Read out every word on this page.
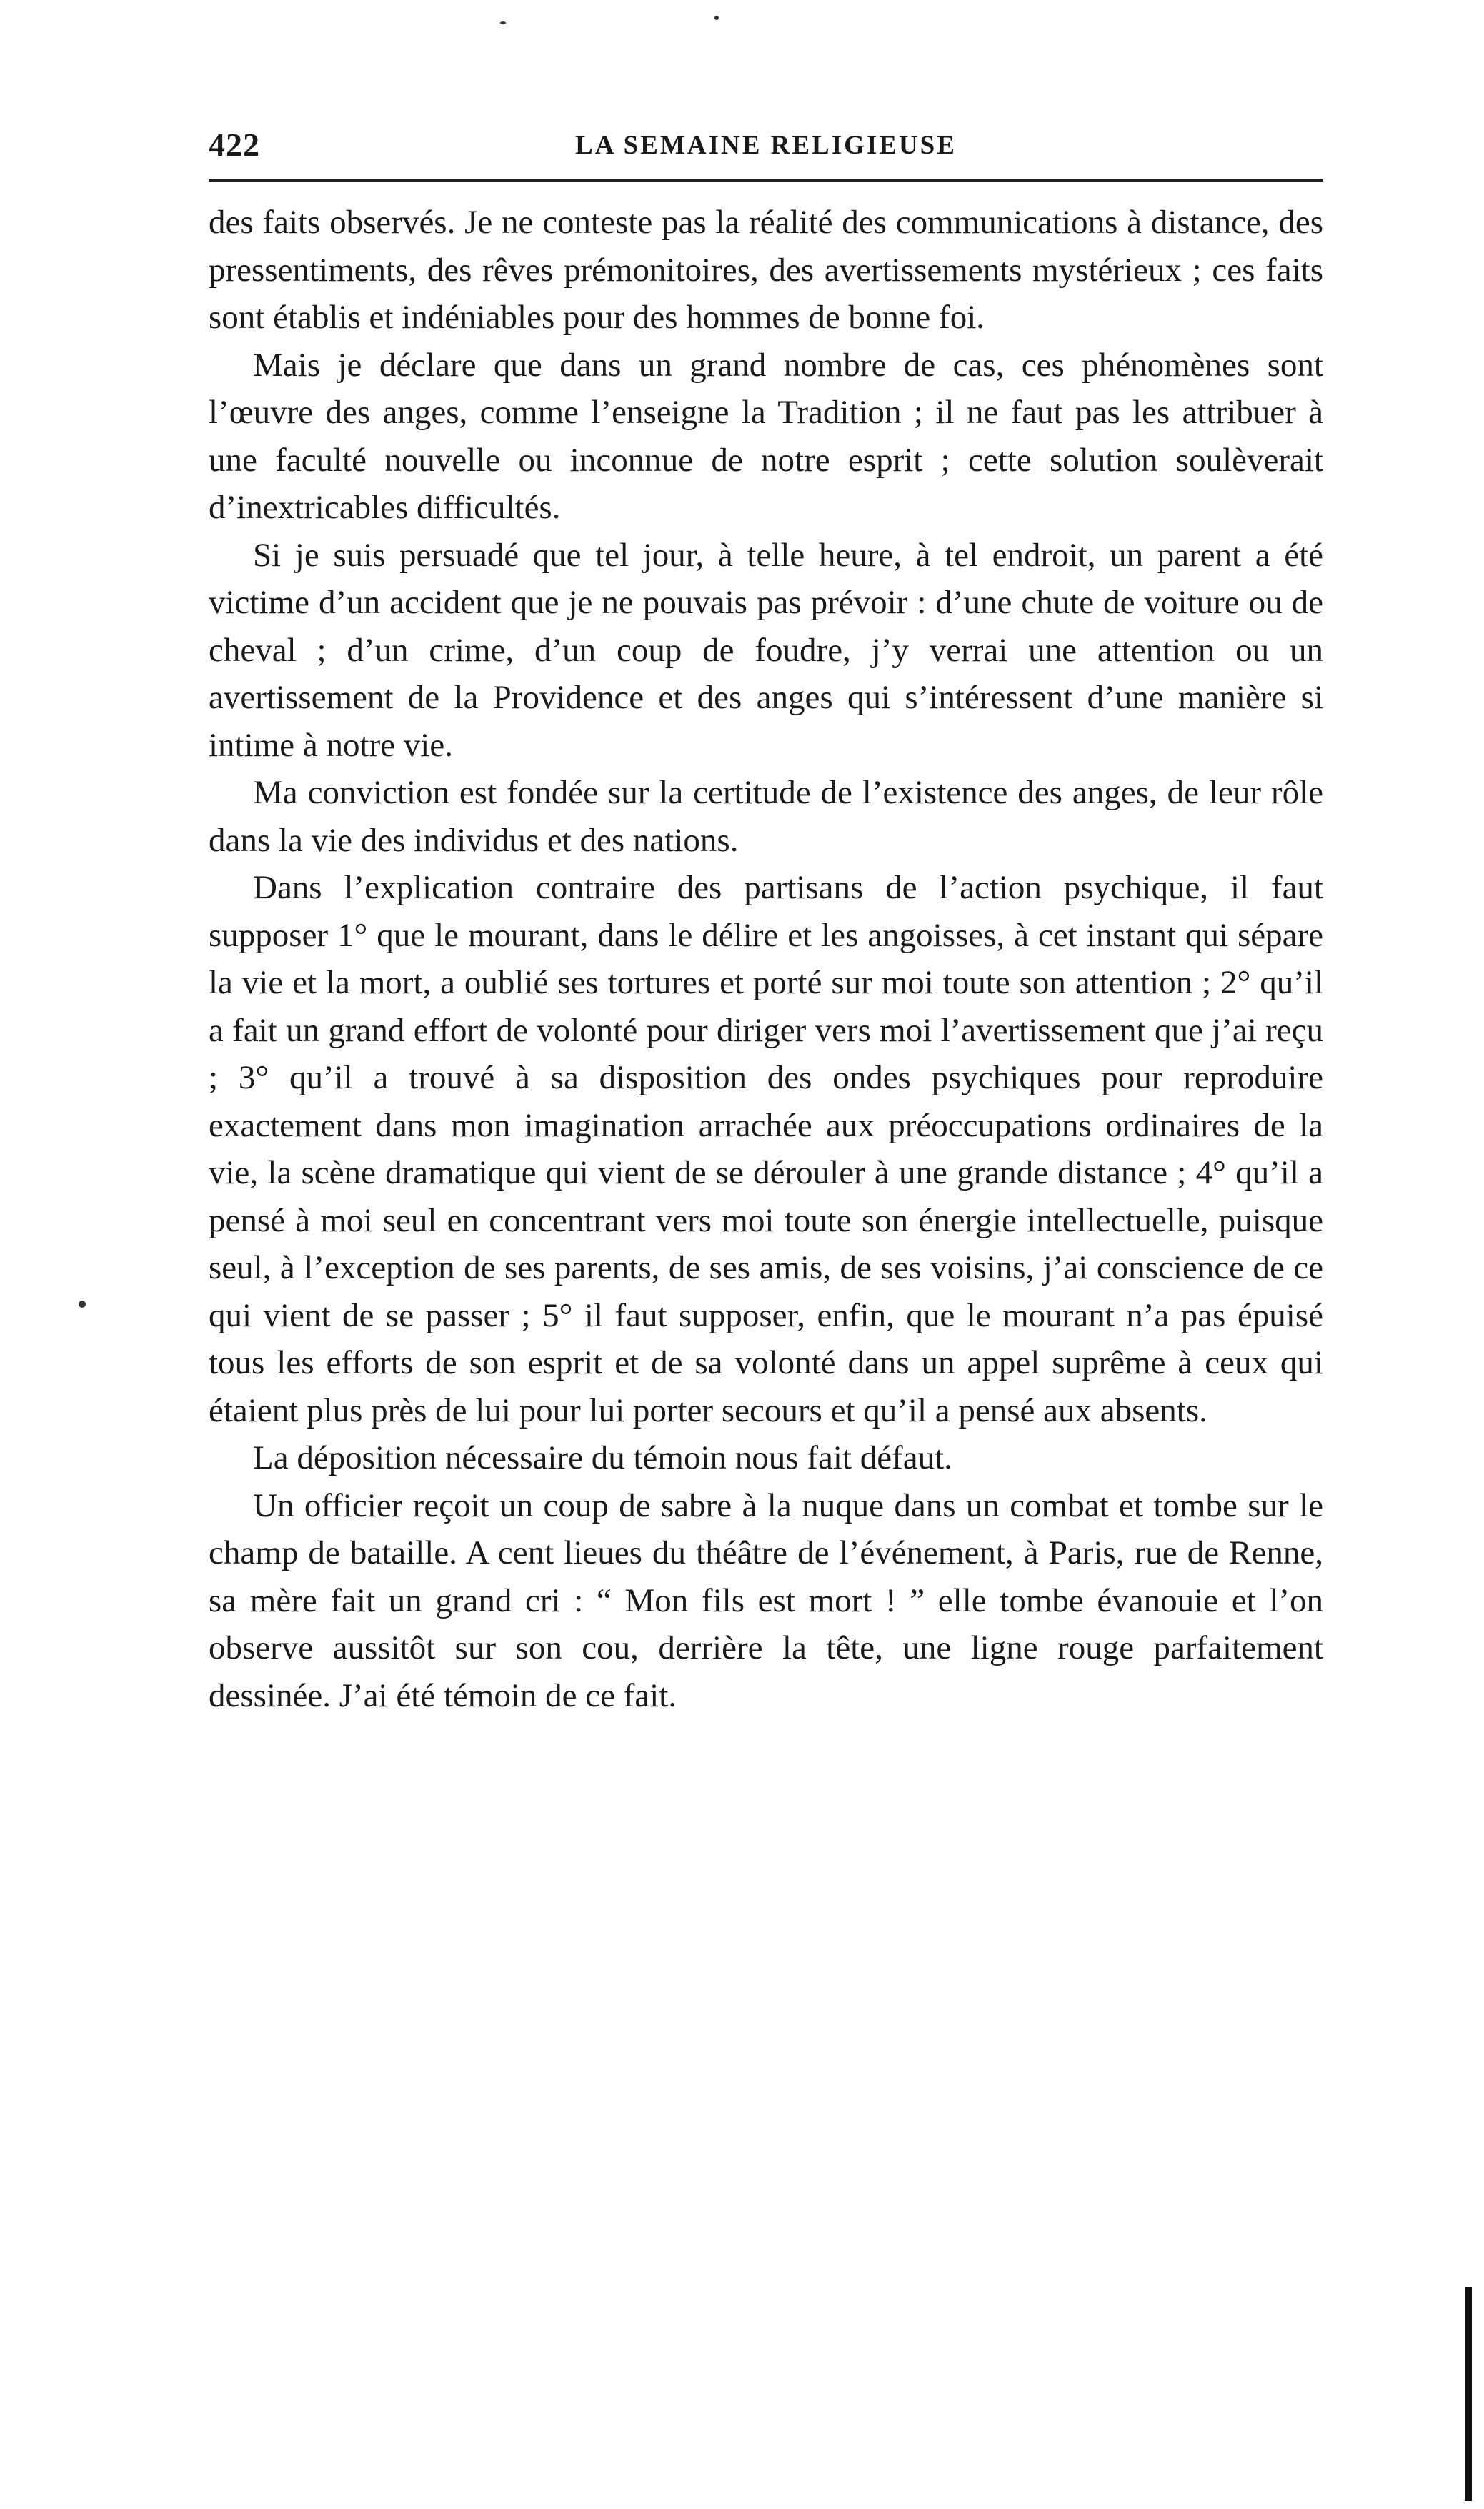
422	LA SEMAINE RELIGIEUSE

des faits observés. Je ne conteste pas la réalité des communications à distance, des pressentiments, des rêves prémonitoires, des avertissements mystérieux ; ces faits sont établis et indéniables pour des hommes de bonne foi.

Mais je déclare que dans un grand nombre de cas, ces phénomènes sont l’œuvre des anges, comme l’enseigne la Tradition ; il ne faut pas les attribuer à une faculté nouvelle ou inconnue de notre esprit ; cette solution soulèverait d’inextricables difficultés.

Si je suis persuadé que tel jour, à telle heure, à tel endroit, un parent a été victime d’un accident que je ne pouvais pas prévoir : d’une chute de voiture ou de cheval ; d’un crime, d’un coup de foudre, j’y verrai une attention ou un avertissement de la Providence et des anges qui s’intéressent d’une manière si intime à notre vie.

Ma conviction est fondée sur la certitude de l’existence des anges, de leur rôle dans la vie des individus et des nations.

Dans l’explication contraire des partisans de l’action psychique, il faut supposer 1° que le mourant, dans le délire et les angoisses, à cet instant qui sépare la vie et la mort, a oublié ses tortures et porté sur moi toute son attention ; 2° qu’il a fait un grand effort de volonté pour diriger vers moi l’avertissement que j’ai reçu ; 3° qu’il a trouvé à sa disposition des ondes psychiques pour reproduire exactement dans mon imagination arrachée aux préoccupations ordinaires de la vie, la scène dramatique qui vient de se dérouler à une grande distance ; 4° qu’il a pensé à moi seul en concentrant vers moi toute son énergie intellectuelle, puisque seul, à l’exception de ses parents, de ses amis, de ses voisins, j’ai conscience de ce qui vient de se passer ; 5° il faut supposer, enfin, que le mourant n’a pas épuisé tous les efforts de son esprit et de sa volonté dans un appel suprême à ceux qui étaient plus près de lui pour lui porter secours et qu’il a pensé aux absents.

La déposition nécessaire du témoin nous fait défaut.

Un officier reçoit un coup de sabre à la nuque dans un combat et tombe sur le champ de bataille. A cent lieues du théâtre de l’événement, à Paris, rue de Renne, sa mère fait un grand cri : “ Mon fils est mort ! ” elle tombe évanouie et l’on observe aussitôt sur son cou, derrière la tête, une ligne rouge parfaitement dessinée. J’ai été témoin de ce fait.
